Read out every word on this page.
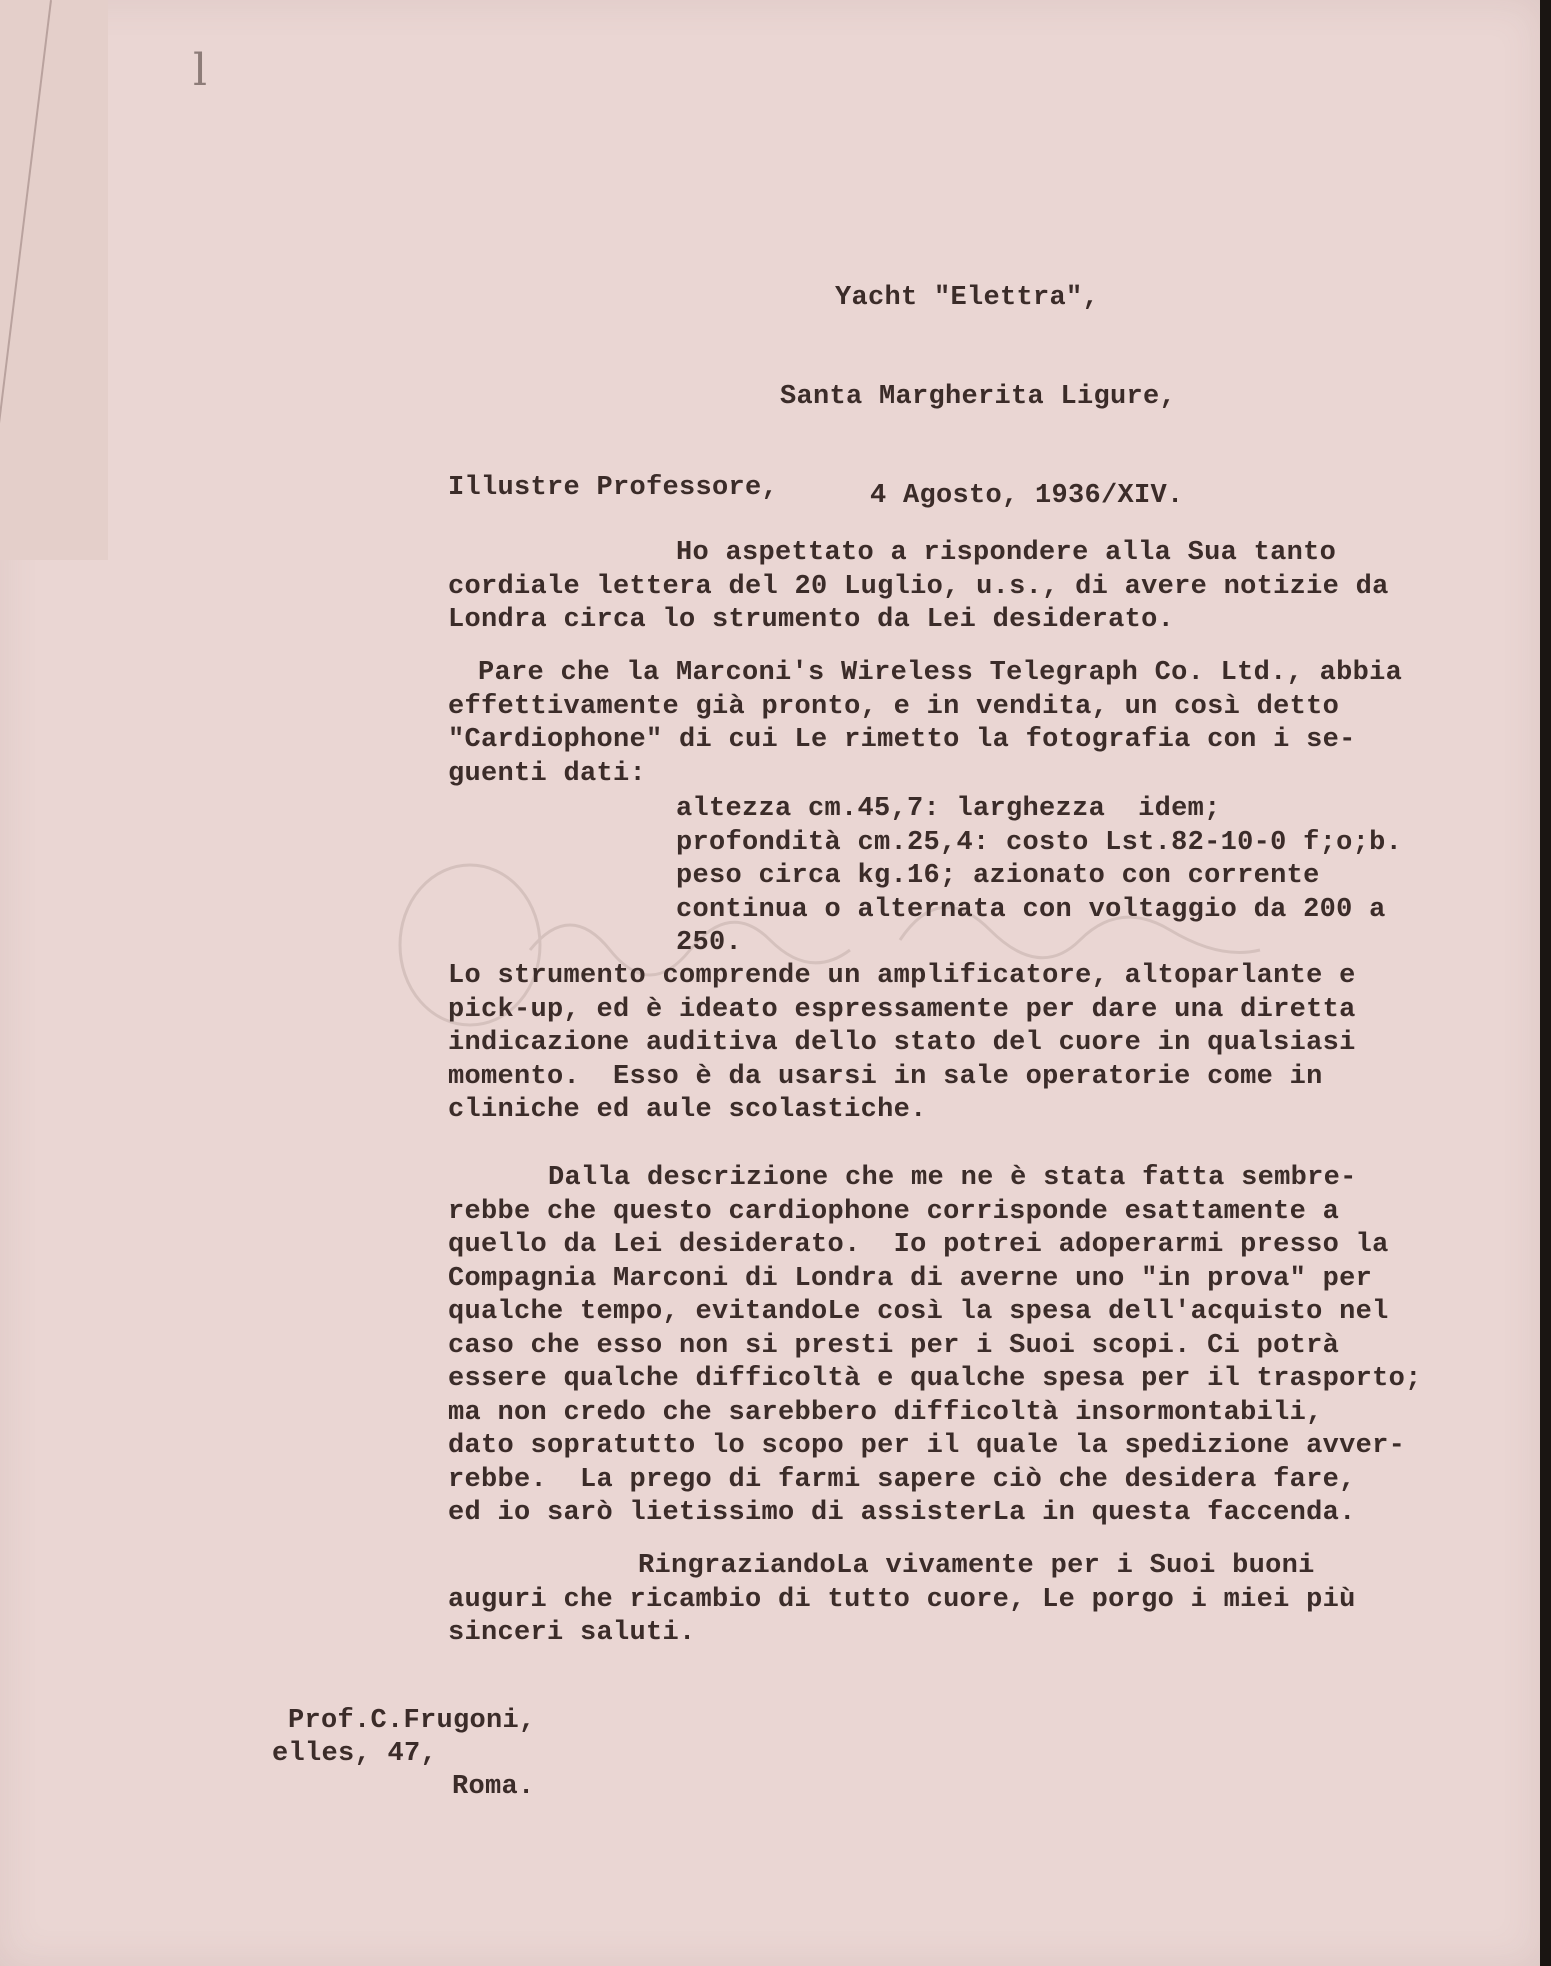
l

Yacht "Elettra",

Santa Margherita Ligure,

4 Agosto, 1936/XIV.

Illustre Professore,
Ho aspettato a rispondere alla Sua tanto
cordiale lettera del 20 Luglio, u.s., di avere notizie da
Londra circa lo strumento da Lei desiderato.
Pare che la Marconi's Wireless Telegraph Co. Ltd., abbia
effettivamente già pronto, e in vendita, un così detto
"Cardiophone" di cui Le rimetto la fotografia con i se-
guenti dati:
altezza cm.45,7: larghezza  idem;
profondità cm.25,4: costo Lst.82-10-0 f;o;b.
peso circa kg.16; azionato con corrente
continua o alternata con voltaggio da 200 a
250.
Lo strumento comprende un amplificatore, altoparlante e
pick-up, ed è ideato espressamente per dare una diretta
indicazione auditiva dello stato del cuore in qualsiasi
momento.  Esso è da usarsi in sale operatorie come in
cliniche ed aule scolastiche.
Dalla descrizione che me ne è stata fatta sembre-
rebbe che questo cardiophone corrisponde esattamente a
quello da Lei desiderato.  Io potrei adoperarmi presso la
Compagnia Marconi di Londra di averne uno "in prova" per
qualche tempo, evitandoLe così la spesa dell'acquisto nel
caso che esso non si presti per i Suoi scopi. Ci potrà
essere qualche difficoltà e qualche spesa per il trasporto;
ma non credo che sarebbero difficoltà insormontabili,
dato sopratutto lo scopo per il quale la spedizione avver-
rebbe.  La prego di farmi sapere ciò che desidera fare,
ed io sarò lietissimo di assisterLa in questa faccenda.
RingraziandoLa vivamente per i Suoi buoni
auguri che ricambio di tutto cuore, Le porgo i miei più
sinceri saluti.
Prof.C.Frugoni,
elles, 47,
Roma.
